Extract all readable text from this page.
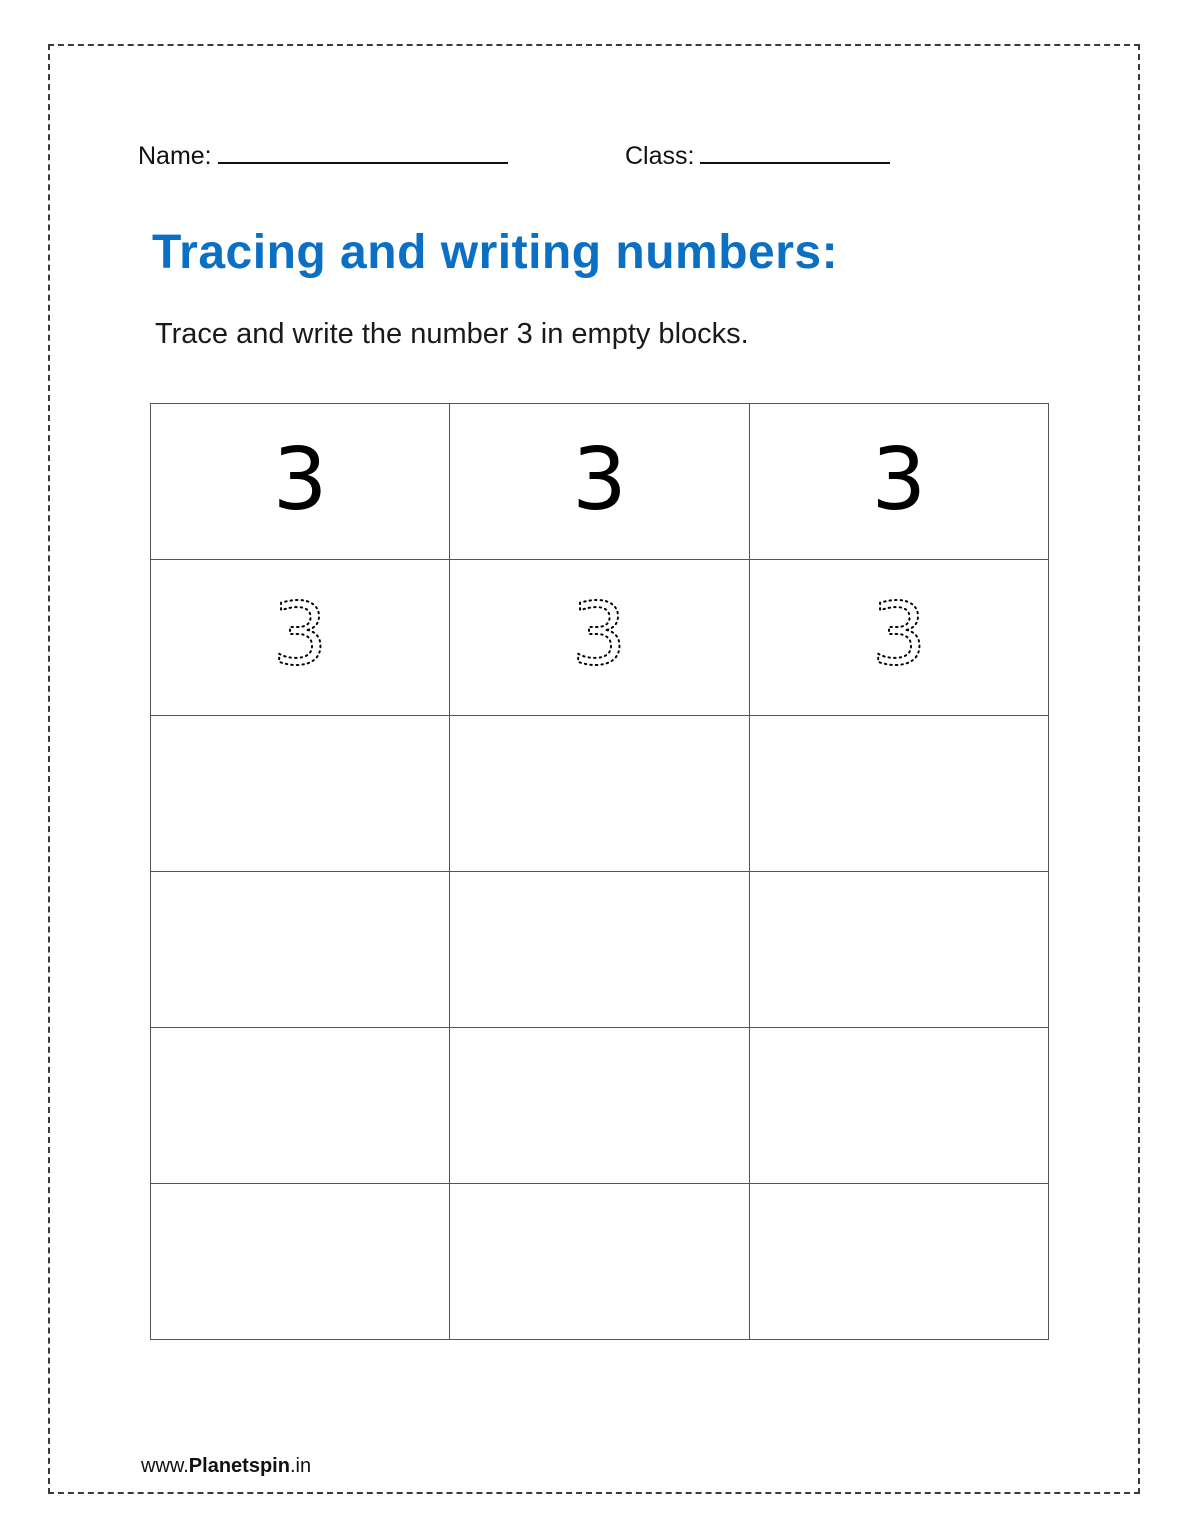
Name:	Class:
Tracing and writing numbers:
Trace and write the number 3 in empty blocks.
3	3	3
3	3	3
www.Planetspin.in
